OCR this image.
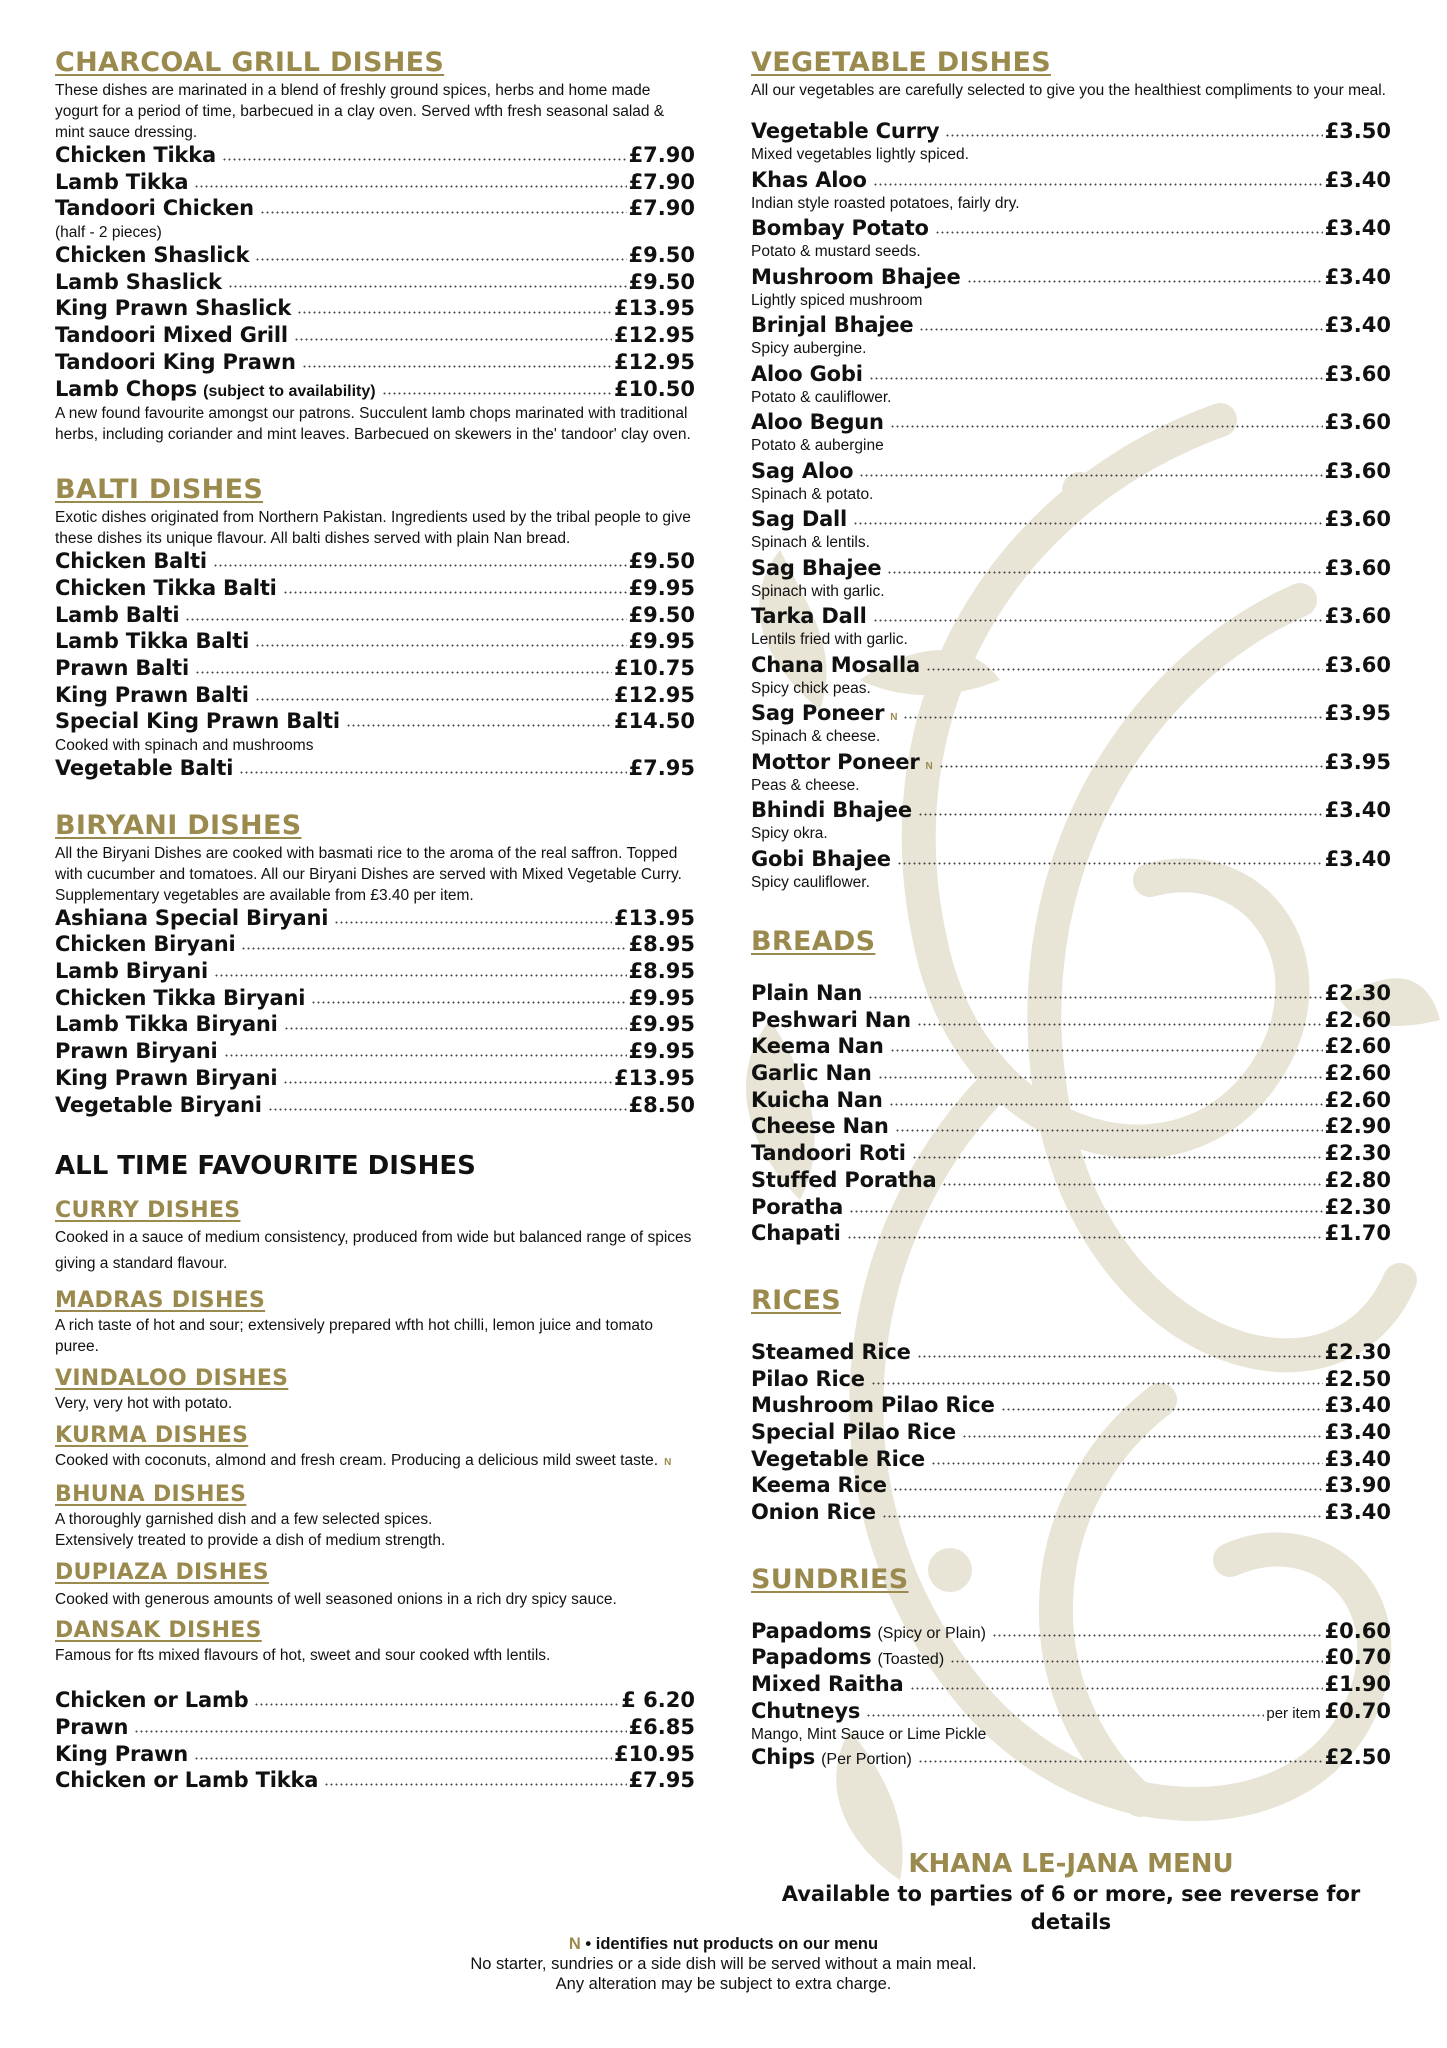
CHARCOAL GRILL DISHES

These dishes are marinated in a blend of freshly ground spices, herbs and home made yogurt for a period of time, barbecued in a clay oven. Served wfth fresh seasonal salad & mint sauce dressing.

Chicken Tikka	£7.90
Lamb Tikka	£7.90
Tandoori Chicken	£7.90

(half - 2 pieces)

Chicken Shaslick	£9.50
Lamb Shaslick	£9.50
King Prawn Shaslick	£13.95
Tandoori Mixed Grill	£12.95
Tandoori King Prawn	£12.95
Lamb Chops (subject to availability)	£10.50

A new found favourite amongst our patrons. Succulent lamb chops marinated with traditional herbs, including coriander and mint leaves. Barbecued on skewers in the' tandoor' clay oven.

BALTI DISHES

Exotic dishes originated from Northern Pakistan. Ingredients used by the tribal people to give these dishes its unique flavour. All balti dishes served with plain Nan bread.

Chicken Balti	£9.50
Chicken Tikka Balti	£9.95
Lamb Balti	£9.50
Lamb Tikka Balti	£9.95
Prawn Balti	£10.75
King Prawn Balti	£12.95
Special King Prawn Balti	£14.50

Cooked with spinach and mushrooms

Vegetable Balti	£7.95
BIRYANI DISHES

All the Biryani Dishes are cooked with basmati rice to the aroma of the real saffron. Topped with cucumber and tomatoes. All our Biryani Dishes are served with Mixed Vegetable Curry.

Supplementary vegetables are available from £3.40 per item.

Ashiana Special Biryani	£13.95
Chicken Biryani	£8.95
Lamb Biryani	£8.95
Chicken Tikka Biryani	£9.95
Lamb Tikka Biryani	£9.95
Prawn Biryani	£9.95
King Prawn Biryani	£13.95
Vegetable Biryani	£8.50
ALL TIME FAVOURITE DISHES
CURRY DISHES

Cooked in a sauce of medium consistency, produced from wide but balanced range of spices giving a standard flavour.

MADRAS DISHES

A rich taste of hot and sour; extensively prepared wfth hot chilli, lemon juice and tomato puree.

VINDALOO DISHES

Very, very hot with potato.

KURMA DISHES

Cooked with coconuts, almond and fresh cream. Producing a delicious mild sweet taste. N

BHUNA DISHES

A thoroughly garnished dish and a few selected spices.

Extensively treated to provide a dish of medium strength.

DUPIAZA DISHES

Cooked with generous amounts of well seasoned onions in a rich dry spicy sauce.

DANSAK DISHES

Famous for fts mixed flavours of hot, sweet and sour cooked wfth lentils.

Chicken or Lamb	£ 6.20
Prawn	£6.85
King Prawn	£10.95
Chicken or Lamb Tikka	£7.95
VEGETABLE DISHES

All our vegetables are carefully selected to give you the healthiest compliments to your meal.

Vegetable Curry	£3.50

Mixed vegetables lightly spiced.

Khas Aloo	£3.40

Indian style roasted potatoes, fairly dry.

Bombay Potato	£3.40

Potato & mustard seeds.

Mushroom Bhajee	£3.40

Lightly spiced mushroom

Brinjal Bhajee	£3.40

Spicy aubergine.

Aloo Gobi	£3.60

Potato & cauliflower.

Aloo Begun	£3.60

Potato & aubergine

Sag Aloo	£3.60

Spinach & potato.

Sag Dall	£3.60

Spinach & lentils.

Sag Bhajee	£3.60

Spinach with garlic.

Tarka Dall	£3.60

Lentils fried with garlic.

Chana Mosalla	£3.60

Spicy chick peas.

Sag Poneer N	£3.95

Spinach & cheese.

Mottor Poneer N	£3.95

Peas & cheese.

Bhindi Bhajee	£3.40

Spicy okra.

Gobi Bhajee	£3.40

Spicy cauliflower.

BREADS
Plain Nan	£2.30
Peshwari Nan	£2.60
Keema Nan	£2.60
Garlic Nan	£2.60
Kuicha Nan	£2.60
Cheese Nan	£2.90
Tandoori Roti	£2.30
Stuffed Poratha	£2.80
Poratha	£2.30
Chapati	£1.70
RICES
Steamed Rice	£2.30
Pilao Rice	£2.50
Mushroom Pilao Rice	£3.40
Special Pilao Rice	£3.40
Vegetable Rice	£3.40
Keema Rice	£3.90
Onion Rice	£3.40
SUNDRIES
Papadoms (Spicy or Plain)	£0.60
Papadoms (Toasted)	£0.70
Mixed Raitha	£1.90
Chutneys	per item £0.70

Mango, Mint Sauce or Lime Pickle

Chips (Per Portion)	£2.50
KHANA LE-JANA MENU
Available to parties of 6 or more, see reverse for details

N • identifies nut products on our menu

No starter, sundries or a side dish will be served without a main meal.

Any alteration may be subject to extra charge.
